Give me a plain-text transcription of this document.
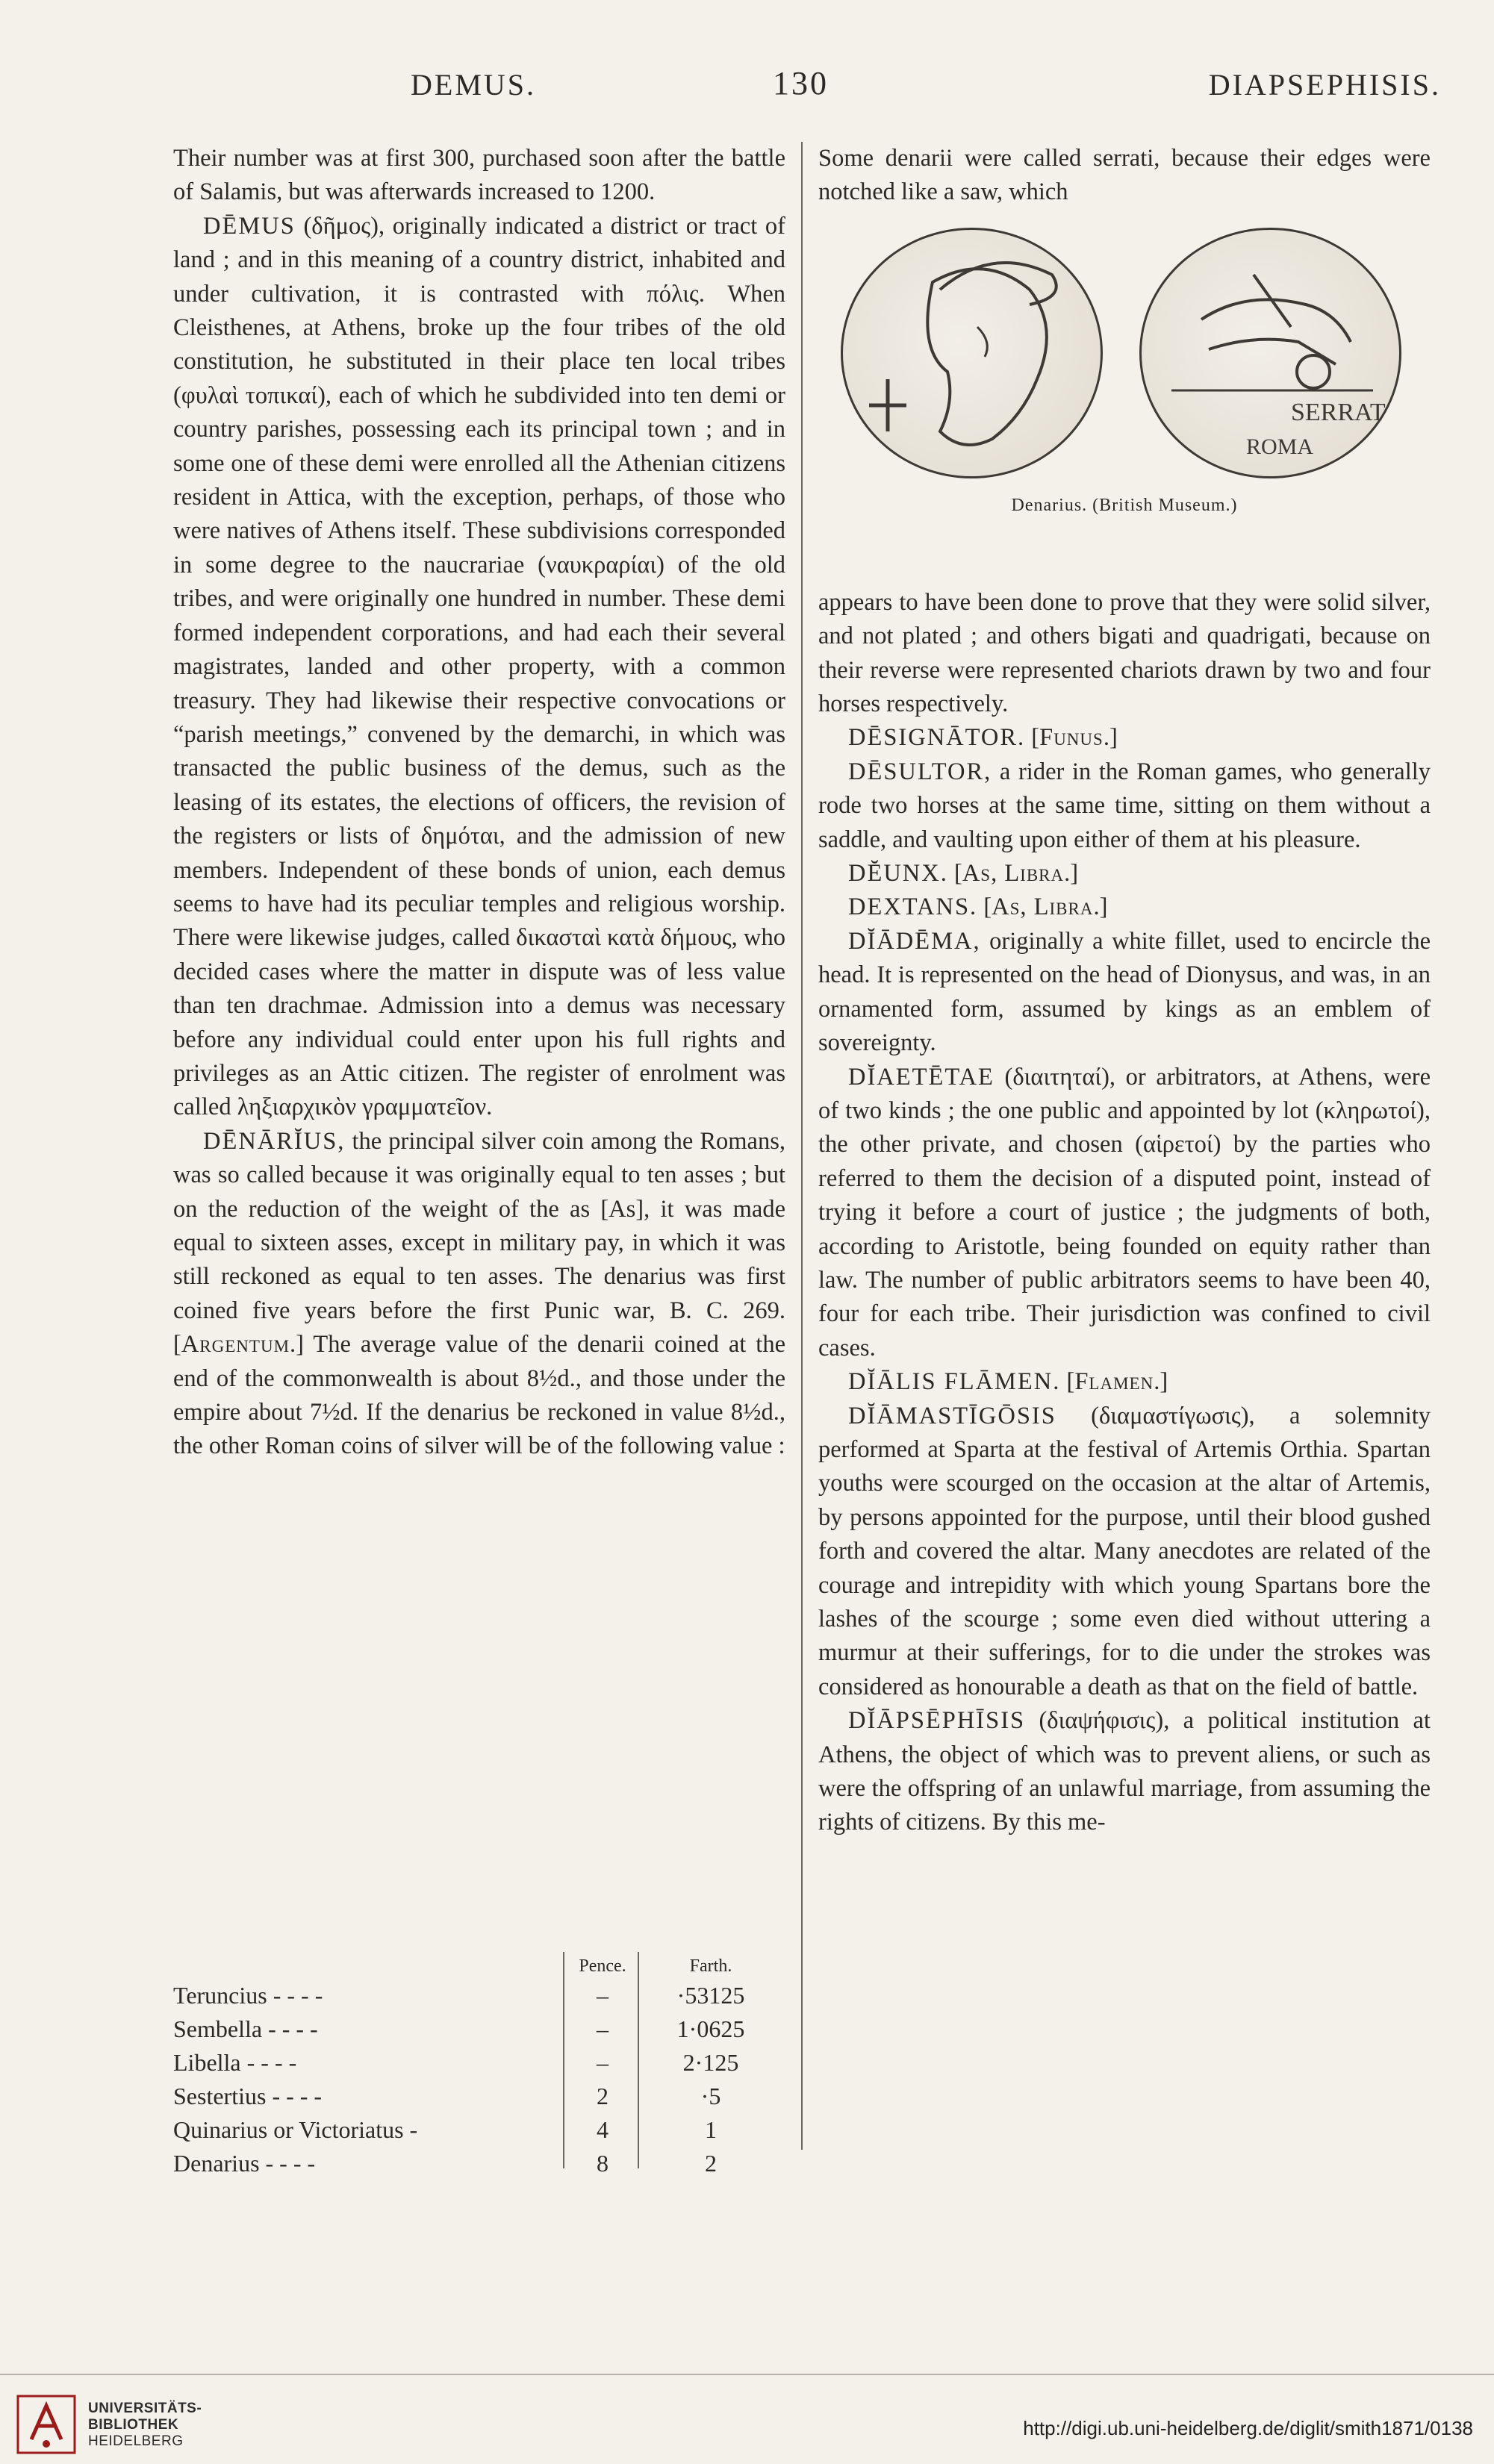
DEMUS.	130	DIAPSEPHISIS.

Their number was at first 300, purchased soon after the battle of Salamis, but was afterwards increased to 1200.

DĒMUS (δῆμος), originally indicated a district or tract of land ; and in this meaning of a country district, inhabited and under cultivation, it is contrasted with πόλις. When Cleisthenes, at Athens, broke up the four tribes of the old constitution, he substituted in their place ten local tribes (φυλαὶ τοπικαί), each of which he subdivided into ten demi or country parishes, possessing each its principal town ; and in some one of these demi were enrolled all the Athenian citizens resident in Attica, with the exception, perhaps, of those who were natives of Athens itself. These subdivisions corresponded in some degree to the naucrariae (ναυκραρίαι) of the old tribes, and were originally one hundred in number. These demi formed independent corporations, and had each their several magistrates, landed and other property, with a common treasury. They had likewise their respective convocations or “parish meetings,” convened by the demarchi, in which was transacted the public business of the demus, such as the leasing of its estates, the elections of officers, the revision of the registers or lists of δημόται, and the admission of new members. Independent of these bonds of union, each demus seems to have had its peculiar temples and religious worship. There were likewise judges, called δικασταὶ κατὰ δήμους, who decided cases where the matter in dispute was of less value than ten drachmae. Admission into a demus was necessary before any individual could enter upon his full rights and privileges as an Attic citizen. The register of enrolment was called ληξιαρχικὸν γραμματεῖον.

DĒNĀRĬUS, the principal silver coin among the Romans, was so called because it was originally equal to ten asses ; but on the reduction of the weight of the as [As], it was made equal to sixteen asses, except in military pay, in which it was still reckoned as equal to ten asses. The denarius was first coined five years before the first Punic war, B. C. 269. [Argentum.] The average value of the denarii coined at the end of the commonwealth is about 8½d., and those under the empire about 7½d. If the denarius be reckoned in value 8½d., the other Roman coins of silver will be of the following value :

Pence.	Farth.
Teruncius - - - -	–	·53125
Sembella - - - -	–	1·0625
Libella - - - -	–	2·125
Sestertius - - - -	2	·5
Quinarius or Victoriatus -	4	1
Denarius - - - -	8	2

Some denarii were called serrati, because their edges were notched like a saw, which

SERRAT
ROMA
Denarius. (British Museum.)

appears to have been done to prove that they were solid silver, and not plated ; and others bigati and quadrigati, because on their reverse were represented chariots drawn by two and four horses respectively.

DĒSIGNĀTOR. [Funus.]

DĒSULTOR, a rider in the Roman games, who generally rode two horses at the same time, sitting on them without a saddle, and vaulting upon either of them at his pleasure.

DĔUNX. [As, Libra.]

DEXTANS. [As, Libra.]

DĬĀDĒMA, originally a white fillet, used to encircle the head. It is represented on the head of Dionysus, and was, in an ornamented form, assumed by kings as an emblem of sovereignty.

DĬAETĒTAE (διαιτηταί), or arbitrators, at Athens, were of two kinds ; the one public and appointed by lot (κληρωτοί), the other private, and chosen (αἱρετοί) by the parties who referred to them the decision of a disputed point, instead of trying it before a court of justice ; the judgments of both, according to Aristotle, being founded on equity rather than law. The number of public arbitrators seems to have been 40, four for each tribe. Their jurisdiction was confined to civil cases.

DĬĀLIS FLĀMEN. [Flamen.]

DĬĀMASTĪGŌSIS (διαμαστίγωσις), a solemnity performed at Sparta at the festival of Artemis Orthia. Spartan youths were scourged on the occasion at the altar of Artemis, by persons appointed for the purpose, until their blood gushed forth and covered the altar. Many anecdotes are related of the courage and intrepidity with which young Spartans bore the lashes of the scourge ; some even died without uttering a murmur at their sufferings, for to die under the strokes was considered as honourable a death as that on the field of battle.

DĬĀPSĒPHĪSIS (διαψήφισις), a political institution at Athens, the object of which was to prevent aliens, or such as were the offspring of an unlawful marriage, from assuming the rights of citizens. By this me-

UNIVERSITÄTS-
BIBLIOTHEK
HEIDELBERG
http://digi.ub.uni-heidelberg.de/diglit/smith1871/0138
